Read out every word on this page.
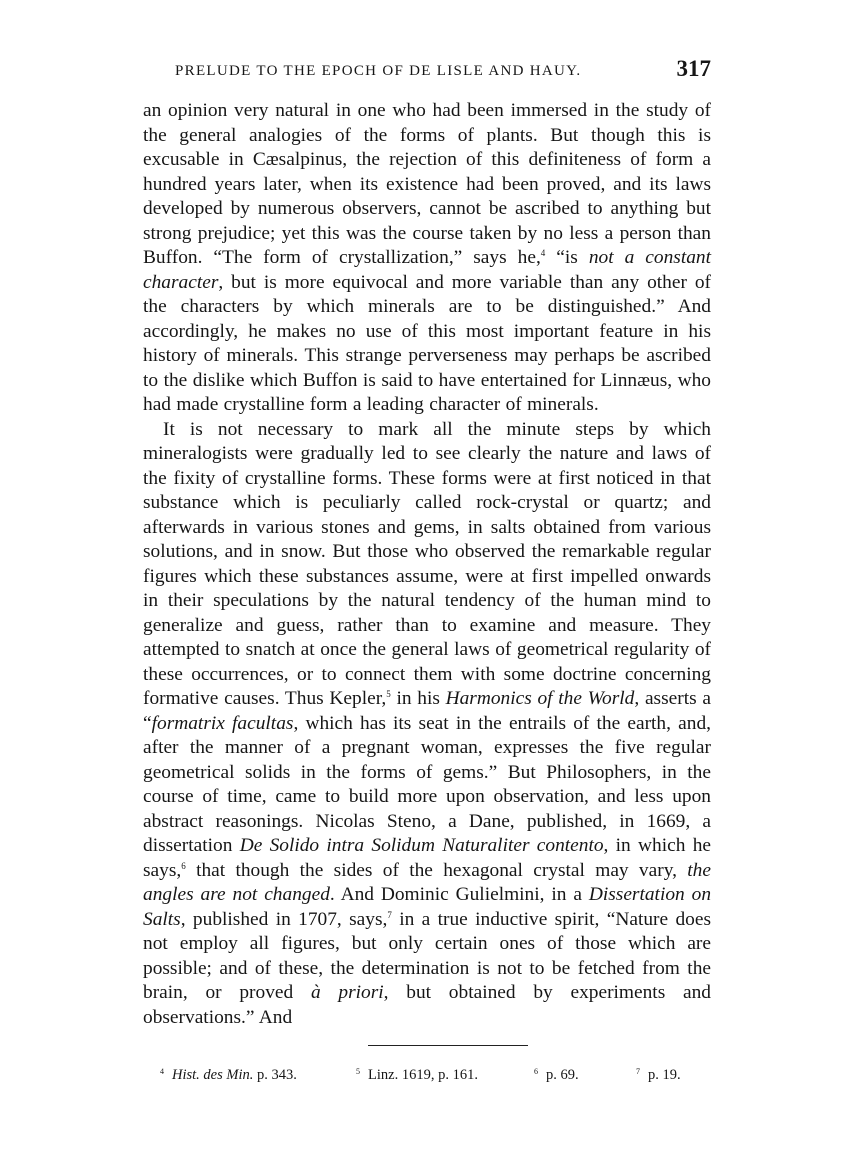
PRELUDE TO THE EPOCH OF DE LISLE AND HAUY.	317

an opinion very natural in one who had been immersed in the study of the general analogies of the forms of plants. But though this is excusable in Cæsalpinus, the rejection of this definiteness of form a hundred years later, when its existence had been proved, and its laws developed by numerous observers, cannot be ascribed to anything but strong prejudice; yet this was the course taken by no less a person than Buffon. “The form of crystallization,” says he,$^4$ “is not a constant character, but is more equivocal and more variable than any other of the characters by which minerals are to be distinguished.” And accordingly, he makes no use of this most important feature in his history of minerals. This strange perverseness may perhaps be ascribed to the dislike which Buffon is said to have entertained for Linnæus, who had made crystalline form a leading character of minerals.

It is not necessary to mark all the minute steps by which mineralogists were gradually led to see clearly the nature and laws of the fixity of crystalline forms. These forms were at first noticed in that substance which is peculiarly called rock-crystal or quartz; and afterwards in various stones and gems, in salts obtained from various solutions, and in snow. But those who observed the remarkable regular figures which these substances assume, were at first impelled onwards in their speculations by the natural tendency of the human mind to generalize and guess, rather than to examine and measure. They attempted to snatch at once the general laws of geometrical regularity of these occurrences, or to connect them with some doctrine concerning formative causes. Thus Kepler,$^5$ in his Harmonics of the World, asserts a “formatrix facultas, which has its seat in the entrails of the earth, and, after the manner of a pregnant woman, expresses the five regular geometrical solids in the forms of gems.” But Philosophers, in the course of time, came to build more upon observation, and less upon abstract reasonings. Nicolas Steno, a Dane, published, in 1669, a dissertation De Solido intra Solidum Naturaliter contento, in which he says,$^6$ that though the sides of the hexagonal crystal may vary, the angles are not changed. And Dominic Gulielmini, in a Dissertation on Salts, published in 1707, says,$^7$ in a true inductive spirit, “Nature does not employ all figures, but only certain ones of those which are possible; and of these, the determination is not to be fetched from the brain, or proved à priori, but obtained by experiments and observations.” And

$^4$ Hist. des Min. p. 343.	$^5$ Linz. 1619, p. 161.	$^6$ p. 69.	$^7$ p. 19.
